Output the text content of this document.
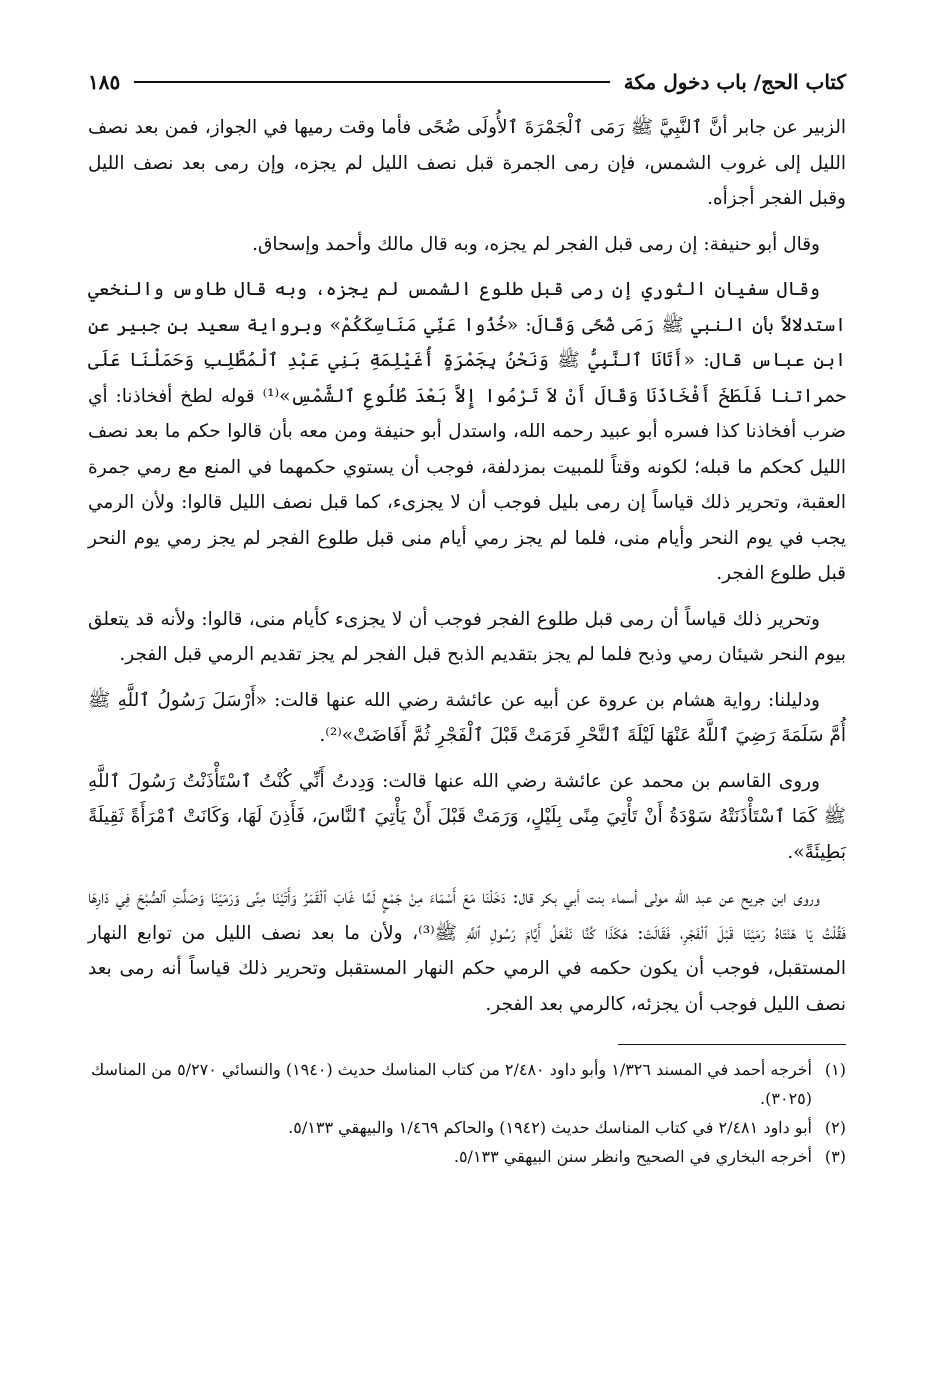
كتاب الحج/ باب دخول مكة
١٨٥

الزبير عن جابر أنَّ ٱلنَّبِيَّ ﷺ رَمَى ٱلْجَمْرَةَ ٱلأُولَى ضُحًى فأما وقت رميها في الجواز، فمن بعد نصف الليل إلى غروب الشمس، فإن رمى الجمرة قبل نصف الليل لم يجزه، وإن رمى بعد نصف الليل وقبل الفجر أجزأه.

وقال أبو حنيفة: إن رمى قبل الفجر لم يجزه، وبه قال مالك وأحمد وإسحاق.

وقال سفيان الثوري إن رمى قبل طلوع الشمس لم يجزه، وبه قال طاوس والنخعي استدلالاً بأن النبي ﷺ رَمَى ضُحًى وَقَالَ: «خُذُوا عَنِّي مَنَاسِكَكُمْ» وبرواية سعيد بن جبير عن ابن عباس قال: «أَتَانَا ٱلنَّبِيُّ ﷺ وَنَحْنُ بِجَمْرَةٍ أُغَيْلِمَةِ بَنِي عَبْدِ ٱلْمُطَّلِبِ وَحَمَلْنَا عَلَى حمراتنا فَلَطَخَ أَفْخَاذَنَا وَقَالَ أَنْ لاَ تَرْمُوا إِلاَّ بَعْدَ طُلُوعِ ٱلشَّمْسِ»⁽¹⁾ قوله لطخ أفخاذنا: أي ضرب أفخاذنا كذا فسره أبو عبيد رحمه الله، واستدل أبو حنيفة ومن معه بأن قالوا حكم ما بعد نصف الليل كحكم ما قبله؛ لكونه وقتاً للمبيت بمزدلفة، فوجب أن يستوي حكمهما في المنع مع رمي جمرة العقبة، وتحرير ذلك قياساً إن رمى بليل فوجب أن لا يجزىء، كما قبل نصف الليل قالوا: ولأن الرمي يجب في يوم النحر وأيام منى، فلما لم يجز رمي أيام منى قبل طلوع الفجر لم يجز رمي يوم النحر قبل طلوع الفجر.

وتحرير ذلك قياساً أن رمى قبل طلوع الفجر فوجب أن لا يجزىء كأيام منى، قالوا: ولأنه قد يتعلق بيوم النحر شيئان رمي وذبح فلما لم يجز بتقديم الذبح قبل الفجر لم يجز تقديم الرمي قبل الفجر.

ودليلنا: رواية هشام بن عروة عن أبيه عن عائشة رضي الله عنها قالت: «أَرْسَلَ رَسُولُ ٱللَّهِ ﷺ أُمَّ سَلَمَةَ رَضِيَ ٱللَّهُ عَنْهَا لَيْلَةَ ٱلنَّحْرِ فَرَمَتْ قَبْلَ ٱلْفَجْرِ ثُمَّ أَفَاضَتْ»⁽²⁾.

وروى القاسم بن محمد عن عائشة رضي الله عنها قالت: وَدِدتُ أَنِّي كُنْتُ ٱسْتَأْذَنْتُ رَسُولَ ٱللَّهِ ﷺ كَمَا ٱسْتَأْذَنَتْهُ سَوْدَةُ أَنْ تَأْتِيَ مِنًى بِلَيْلٍ، وَرَمَتْ قَبْلَ أَنْ يَأْتِيَ ٱلنَّاسَ، فَأَذِنَ لَهَا، وَكَانَتْ ٱمْرَأَةً ثَقِيلَةً بَطِيئَةً».

وروى ابن جريح عن عبد الله مولى أسماء بنت أبي بكر قال: دَخَلْنَا مَعَ أَسْمَاءَ مِنْ جَمْعٍ لَمَّا غَابَ ٱلْقَمَرُ وَأَتَيْنَا مِنًى وَرَمَيْنَا وَصَلَّتِ ٱلصُّبْحَ فِي دَارِهَا فَقُلْتُ يَا هَنْتَاهُ رَمَيْنَا قَبْلَ ٱلْفَجْرِ، فَقَالَتْ: هَكَذَا كُنَّا نَفْعَلُ أَيَّامَ رَسُولِ ٱللَّهِ ﷺ⁽³⁾، ولأن ما بعد نصف الليل من توابع النهار المستقبل، فوجب أن يكون حكمه في الرمي حكم النهار المستقبل وتحرير ذلك قياساً أنه رمى بعد نصف الليل فوجب أن يجزئه، كالرمي بعد الفجر.

(١)
أخرجه أحمد في المسند ١/٣٢٦ وأبو داود ٢/٤٨٠ من كتاب المناسك حديث (١٩٤٠) والنسائي ٥/٢٧٠ من المناسك (٣٠٢٥).
(٢)
أبو داود ٢/٤٨١ في كتاب المناسك حديث (١٩٤٢) والحاكم ١/٤٦٩ والبيهقي ٥/١٣٣.
(٣)
أخرجه البخاري في الصحيح وانظر سنن البيهقي ٥/١٣٣.
